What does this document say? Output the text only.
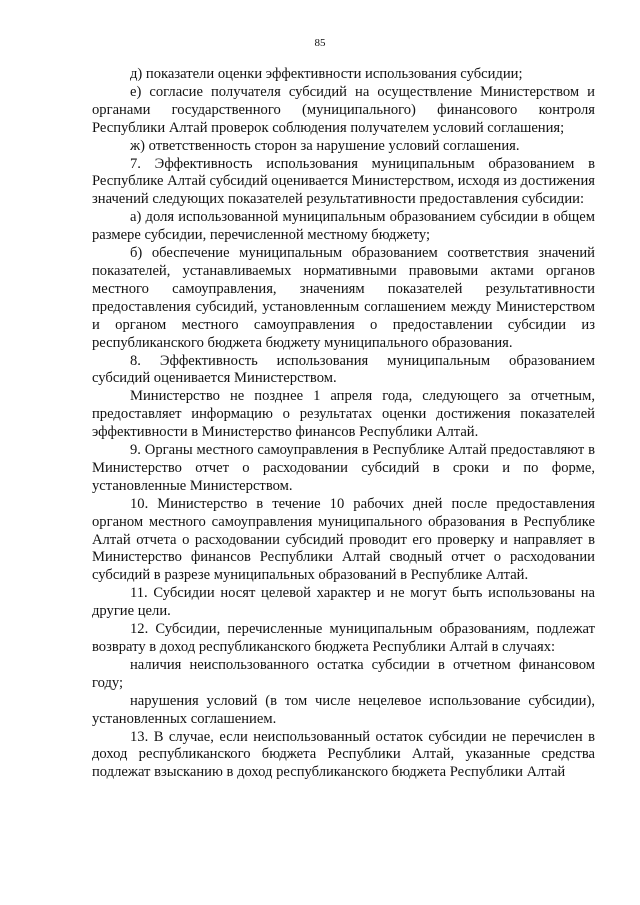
85

д) показатели оценки эффективности использования субсидии;

е) согласие получателя субсидий на осуществление Министерством и органами государственного (муниципального) финансового контроля Республики Алтай проверок соблюдения получателем условий соглашения;

ж) ответственность сторон за нарушение условий соглашения.

7. Эффективность использования муниципальным образованием в Республике Алтай субсидий оценивается Министерством, исходя из достижения значений следующих показателей результативности предоставления субсидии:

а) доля использованной муниципальным образованием субсидии в общем размере субсидии, перечисленной местному бюджету;

б) обеспечение муниципальным образованием соответствия значений показателей, устанавливаемых нормативными правовыми актами органов местного самоуправления, значениям показателей результативности предоставления субсидий, установленным соглашением между Министерством и органом местного самоуправления о предоставлении субсидии из республиканского бюджета бюджету муниципального образования.

8. Эффективность использования муниципальным образованием субсидий оценивается Министерством.

Министерство не позднее 1 апреля года, следующего за отчетным, предоставляет информацию о результатах оценки достижения показателей эффективности в Министерство финансов Республики Алтай.

9. Органы местного самоуправления в Республике Алтай предоставляют в Министерство отчет о расходовании субсидий в сроки и по форме, установленные Министерством.

10. Министерство в течение 10 рабочих дней после предоставления органом местного самоуправления муниципального образования в Республике Алтай отчета о расходовании субсидий проводит его проверку и направляет в Министерство финансов Республики Алтай сводный отчет о расходовании субсидий в разрезе муниципальных образований в Республике Алтай.

11. Субсидии носят целевой характер и не могут быть использованы на другие цели.

12. Субсидии, перечисленные муниципальным образованиям, подлежат возврату в доход республиканского бюджета Республики Алтай в случаях:

наличия неиспользованного остатка субсидии в отчетном финансовом году;

нарушения условий (в том числе нецелевое использование субсидии), установленных соглашением.

13. В случае, если неиспользованный остаток субсидии не перечислен в доход республиканского бюджета Республики Алтай, указанные средства подлежат взысканию в доход республиканского бюджета Республики Алтай
